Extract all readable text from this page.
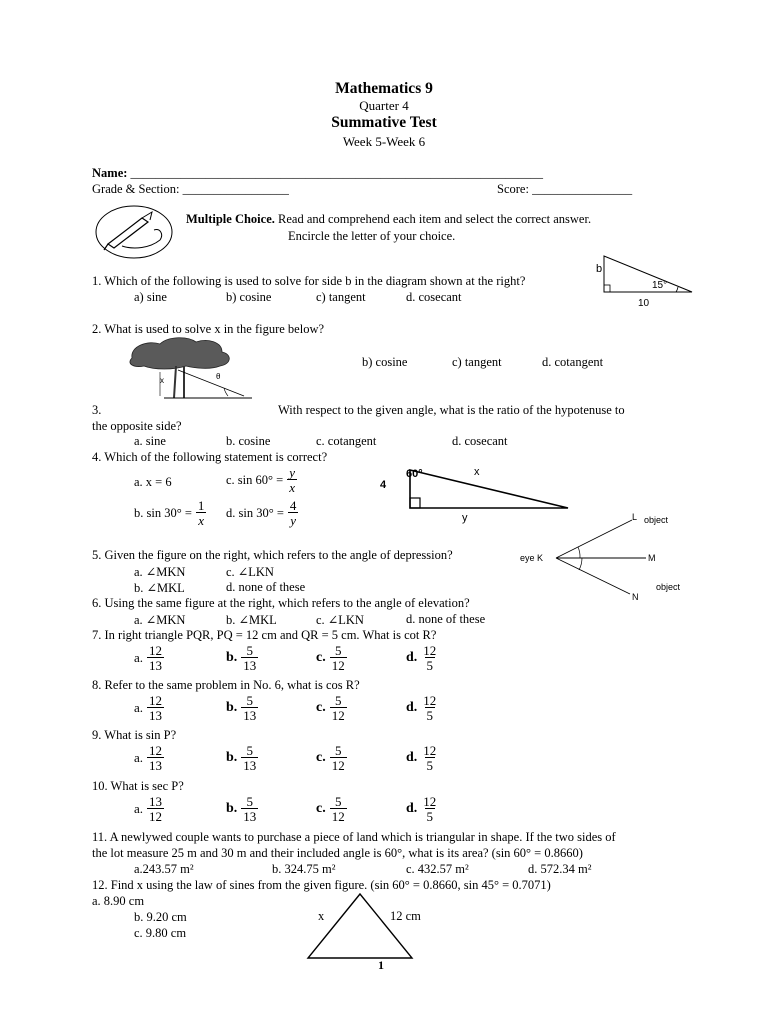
Mathematics 9
Quarter 4
Summative Test
Week 5-Week 6
Name: __________________________________________________________________
Grade & Section: _________________	Score: ________________
Multiple Choice. Read and comprehend each item and select the correct answer.
Encircle the letter of your choice.
1. Which of the following is used to solve for side b in the diagram shown at the right?
a) sine	b) cosine	c) tangent	d. cosecant
b
15°
10
2. What is used to solve x in the figure below?
x	θ
b) cosine	c) tangent	d. cotangent
3.	With respect to the given angle, what is the ratio of the hypotenuse to
the opposite side?
a. sine	b. cosine	c. cotangent	d. cosecant
4. Which of the following statement is correct?
a. x = 6	c. $\sin 60^\circ = \frac{y}{x}$
b. $\sin 30^\circ = \frac{1}{x} d$. $\sin 30^\circ = \frac{4}{y}$
60°
4
x
y
eye K
L object
M
object
N
5. Given the figure on the right, which refers to the angle of depression?
a. ∠MKN	c. ∠LKN
b. ∠MKL	d. none of these
6. Using the same figure at the right, which refers to the angle of elevation?
a. ∠MKN	b. ∠MKL	c. ∠LKN	d. none of these
7. In right triangle PQR, PQ = 12 cm and QR = 5 cm. What is cot R?
a. $\frac{12}{13}$	b. $\frac{5}{13}$	c. $\frac{5}{12}$	d. $\frac{12}{5}$
8. Refer to the same problem in No. 6, what is cos R?
a. $\frac{12}{13}$	b. $\frac{5}{13}$	c. $\frac{5}{12}$	d. $\frac{12}{5}$
9. What is sin P?
a. $\frac{12}{13}$	b. $\frac{5}{13}$	c. $\frac{5}{12}$	d. $\frac{12}{5}$
10. What is sec P?
a. $\frac{13}{12}$	b. $\frac{5}{13}$	c. $\frac{5}{12}$	d. $\frac{12}{5}$
11. A newlywed couple wants to purchase a piece of land which is triangular in shape. If the two sides of
the lot measure 25 m and 30 m and their included angle is 60°, what is its area? (sin 60° = 0.8660)
a.243.57 m²	b. 324.75 m²	c. 432.57 m²	d. 572.34 m²
12. Find x using the law of sines from the given figure. (sin 60° = 0.8660, sin 45° = 0.7071)
a. 8.90 cm
b. 9.20 cm
c. 9.80 cm
x	12 cm
1
